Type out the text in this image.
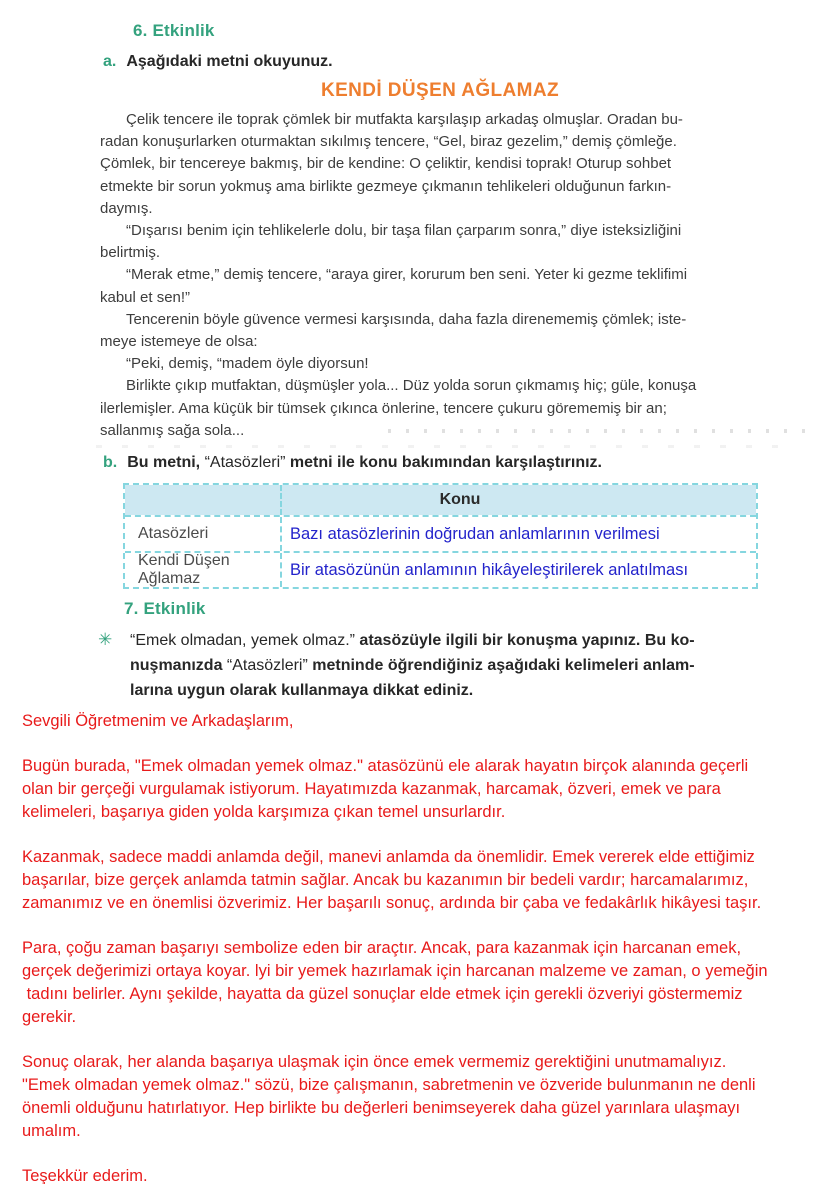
6. Etkinlik
a. Aşağıdaki metni okuyunuz.
KENDİ DÜŞEN AĞLAMAZ

Çelik tencere ile toprak çömlek bir mutfakta karşılaşıp arkadaş olmuşlar. Oradan bu-
radan konuşurlarken oturmaktan sıkılmış tencere, “Gel, biraz gezelim,” demiş çömleğe.
Çömlek, bir tencereye bakmış, bir de kendine: O çeliktir, kendisi toprak! Oturup sohbet
etmekte bir sorun yokmuş ama birlikte gezmeye çıkmanın tehlikeleri olduğunun farkın-
daymış.

“Dışarısı benim için tehlikelerle dolu, bir taşa filan çarparım sonra,” diye isteksizliğini
belirtmiş.

“Merak etme,” demiş tencere, “araya girer, korurum ben seni. Yeter ki gezme teklifimi
kabul et sen!”

Tencerenin böyle güvence vermesi karşısında, daha fazla direnememiş çömlek; iste-
meye istemeye de olsa:

“Peki, demiş, “madem öyle diyorsun!

Birlikte çıkıp mutfaktan, düşmüşler yola... Düz yolda sorun çıkmamış hiç; güle, konuşa
ilerlemişler. Ama küçük bir tümsek çıkınca önlerine, tencere çukuru görememiş bir an;
sallanmış sağa sola...

b. Bu metni, “Atasözleri” metni ile konu bakımından karşılaştırınız.
Konu
Atasözleri	Bazı atasözlerinin doğrudan anlamlarının verilmesi
Kendi Düşen Ağlamaz	Bir atasözünün anlamının hikâyeleştirilerek anlatılması
7. Etkinlik
✳ “Emek olmadan, yemek olmaz.” atasözüyle ilgili bir konuşma yapınız. Bu ko-
nuşmanızda “Atasözleri” metninde öğrendiğiniz aşağıdaki kelimeleri anlam-
larına uygun olarak kullanmaya dikkat ediniz.

Sevgili Öğretmenim ve Arkadaşlarım,

Bugün burada, "Emek olmadan yemek olmaz." atasözünü ele alarak hayatın birçok alanında geçerli
olan bir gerçeği vurgulamak istiyorum. Hayatımızda kazanmak, harcamak, özveri, emek ve para
kelimeleri, başarıya giden yolda karşımıza çıkan temel unsurlardır.

Kazanmak, sadece maddi anlamda değil, manevi anlamda da önemlidir. Emek vererek elde ettiğimiz
başarılar, bize gerçek anlamda tatmin sağlar. Ancak bu kazanımın bir bedeli vardır; harcamalarımız,
zamanımız ve en önemlisi özverimiz. Her başarılı sonuç, ardında bir çaba ve fedakârlık hikâyesi taşır.

Para, çoğu zaman başarıyı sembolize eden bir araçtır. Ancak, para kazanmak için harcanan emek,
gerçek değerimizi ortaya koyar. lyi bir yemek hazırlamak için harcanan malzeme ve zaman, o yemeğin
tadını belirler. Aynı şekilde, hayatta da güzel sonuçlar elde etmek için gerekli özveriyi göstermemiz
gerekir.

Sonuç olarak, her alanda başarıya ulaşmak için önce emek vermemiz gerektiğini unutmamalıyız.
"Emek olmadan yemek olmaz." sözü, bize çalışmanın, sabretmenin ve özveride bulunmanın ne denli
önemli olduğunu hatırlatıyor. Hep birlikte bu değerleri benimseyerek daha güzel yarınlara ulaşmayı
umalım.

Teşekkür ederim.
